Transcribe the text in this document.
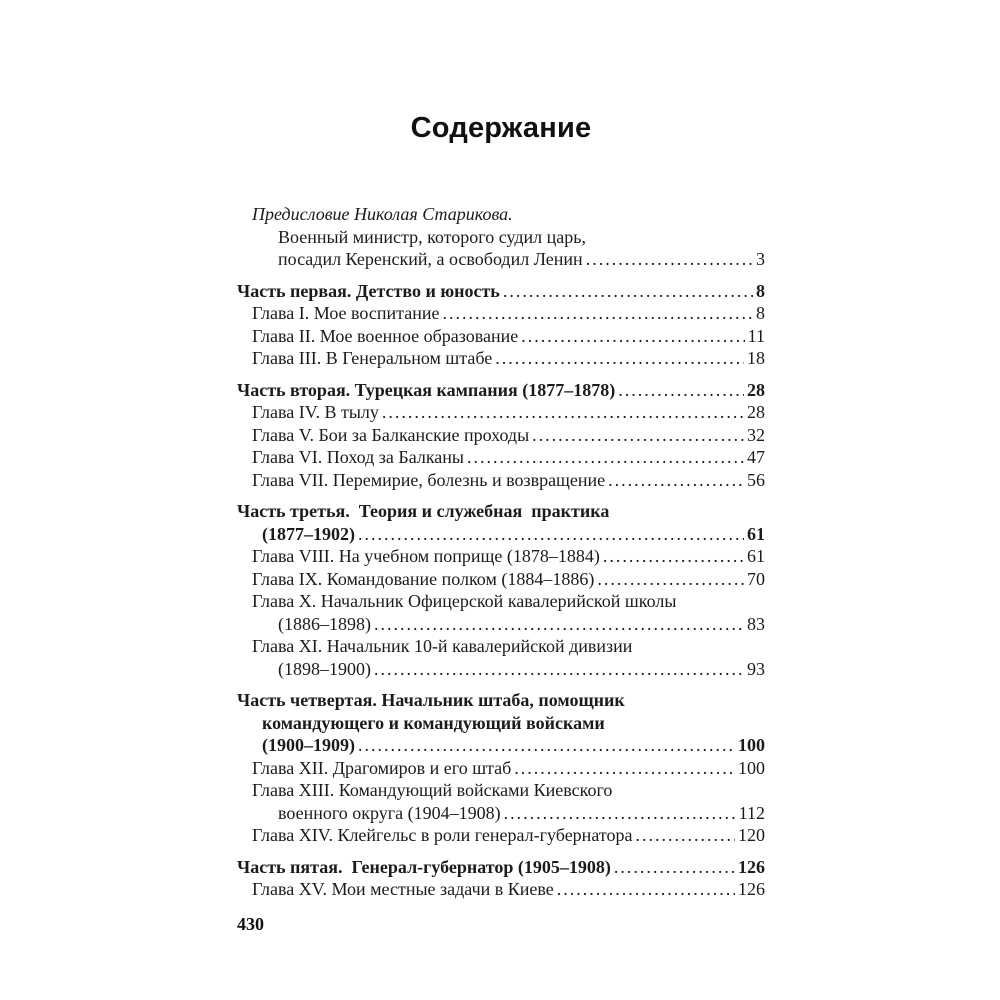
Содержание
Предисловие Николая Старикова.
Военный министр, которого судил царь,
посадил Керенский, а освободил Ленин .....	3
Часть первая. Детство и юность .....	8
Глава I. Мое воспитание .....	8
Глава II. Мое военное образование .....	11
Глава III. В Генеральном штабе .....	18
Часть вторая. Турецкая кампания (1877–1878) .....	28
Глава IV. В тылу .....	28
Глава V. Бои за Балканские проходы .....	32
Глава VI. Поход за Балканы .....	47
Глава VII. Перемирие, болезнь и возвращение .....	56
Часть третья.  Теория и служебная  практика
(1877–1902) .....	61
Глава VIII. На учебном поприще (1878–1884) .....	61
Глава IX. Командование полком (1884–1886) .....	70
Глава X. Начальник Офицерской кавалерийской школы
(1886–1898) .....	83
Глава XI. Начальник 10-й кавалерийской дивизии
(1898–1900) .....	93
Часть четвертая. Начальник штаба, помощник
командующего и командующий войсками
(1900–1909) .....	100
Глава XII. Драгомиров и его штаб .....	100
Глава XIII. Командующий войсками Киевского
военного округа (1904–1908) .....	112
Глава XIV. Клейгельс в роли генерал-губернатора .....	120
Часть пятая.  Генерал-губернатор (1905–1908) .....	126
Глава XV. Мои местные задачи в Киеве .....	126
430
